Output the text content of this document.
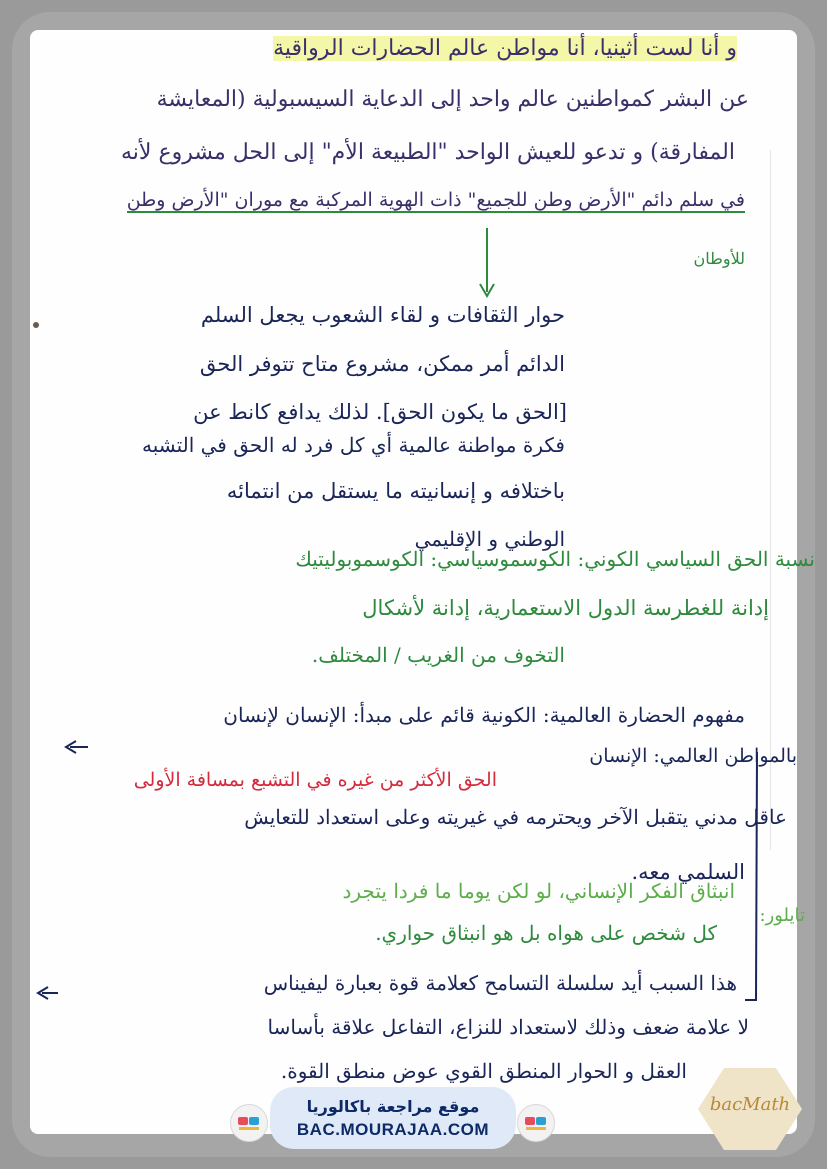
و أنا لست أثينيا، أنا مواطن عالم الحضارات الرواقية

عن البشر كمواطنين عالم واحد إلى الدعاية السيسبولية (المعايشة

المفارقة) و تدعو للعيش الواحد "الطبيعة الأم" إلى الحل مشروع لأنه

في سلم دائم "الأرض وطن للجميع" ذات الهوية المركبة مع موران "الأرض وطن

للأوطان

حوار الثقافات و لقاء الشعوب يجعل السلم

الدائم أمر ممكن، مشروع متاح تتوفر الحق

[الحق ما يكون الحق]. لذلك يدافع كانط عن

فكرة مواطنة عالمية أي كل فرد له الحق في التشبه

باختلافه و إنسانيته ما يستقل من انتمائه

الوطني و الإقليمي

نسبة الحق السياسي الكوني: الكوسموسياسي: الكوسموبوليتيك

إدانة للغطرسة الدول الاستعمارية، إدانة لأشكال

التخوف من الغريب / المختلف.

مفهوم الحضارة العالمية: الكونية قائم على مبدأ: الإنسان لإنسان

بالمواطن العالمي: الإنسان

الحق الأكثر من غيره في التشبع بمسافة الأولى

عاقل مدني يتقبل الآخر ويحترمه في غيريته وعلى استعداد للتعايش

السلمي معه.

انبثاق الفكر الإنساني، لو لكن يوما ما فردا يتجرد

تايلور:

كل شخص على هواه بل هو انبثاق حواري.

هذا السبب أيد سلسلة التسامح كعلامة قوة بعبارة ليفيناس

لا علامة ضعف وذلك لاستعداد للنزاع، التفاعل علاقة بأساسا

العقل و الحوار المنطق القوي عوض منطق القوة.

موقع مراجعة باكالوريا
BAC.MOURAJAA.COM
bacMath
